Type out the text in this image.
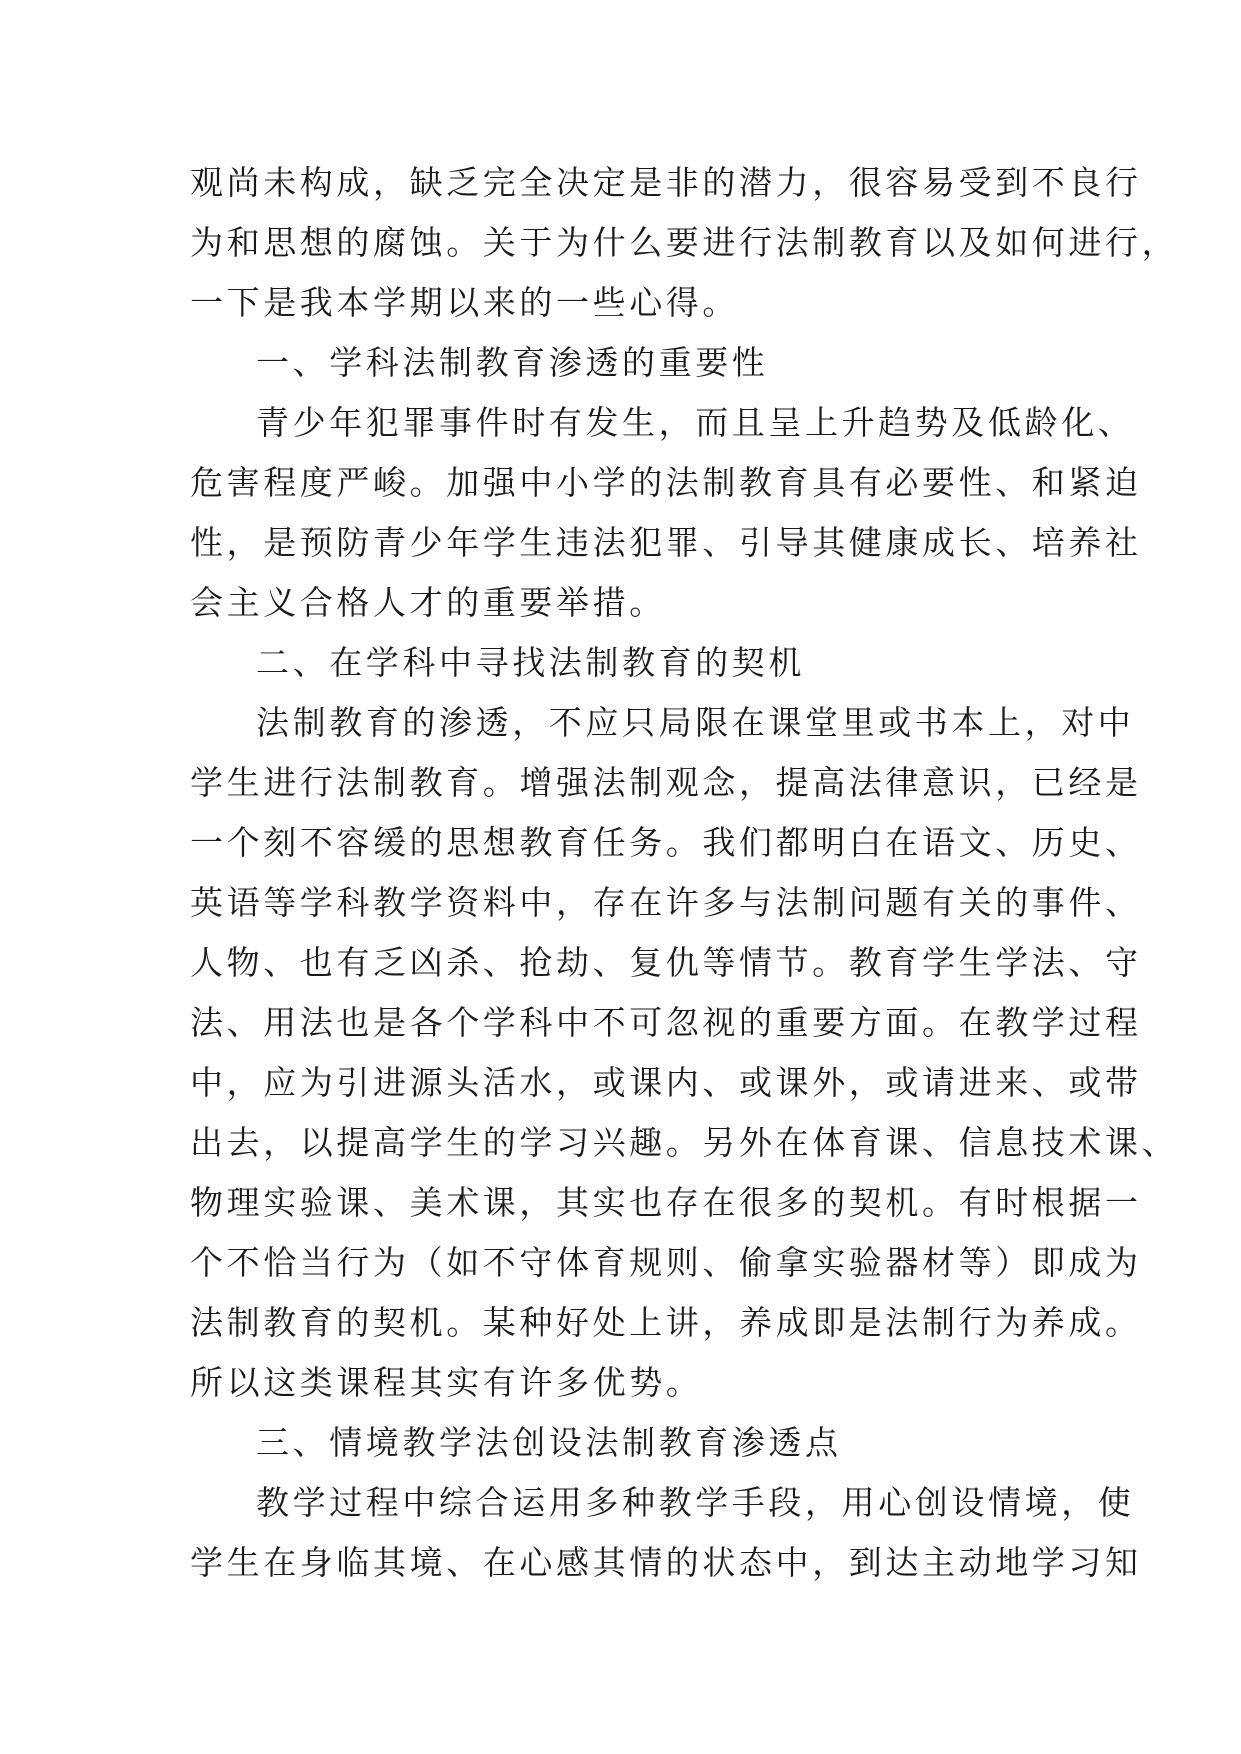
观尚未构成，缺乏完全决定是非的潜力，很容易受到不良行
为和思想的腐蚀。关于为什么要进行法制教育以及如何进行，
一下是我本学期以来的一些心得。
一、学科法制教育渗透的重要性
青少年犯罪事件时有发生，而且呈上升趋势及低龄化、
危害程度严峻。加强中小学的法制教育具有必要性、和紧迫
性，是预防青少年学生违法犯罪、引导其健康成长、培养社
会主义合格人才的重要举措。
二、在学科中寻找法制教育的契机
法制教育的渗透，不应只局限在课堂里或书本上，对中
学生进行法制教育。增强法制观念，提高法律意识，已经是
一个刻不容缓的思想教育任务。我们都明白在语文、历史、
英语等学科教学资料中，存在许多与法制问题有关的事件、
人物、也有乏凶杀、抢劫、复仇等情节。教育学生学法、守
法、用法也是各个学科中不可忽视的重要方面。在教学过程
中，应为引进源头活水，或课内、或课外，或请进来、或带
出去，以提高学生的学习兴趣。另外在体育课、信息技术课、
物理实验课、美术课，其实也存在很多的契机。有时根据一
个不恰当行为（如不守体育规则、偷拿实验器材等）即成为
法制教育的契机。某种好处上讲，养成即是法制行为养成。
所以这类课程其实有许多优势。
三、情境教学法创设法制教育渗透点
教学过程中综合运用多种教学手段，用心创设情境，使
学生在身临其境、在心感其情的状态中，到达主动地学习知
